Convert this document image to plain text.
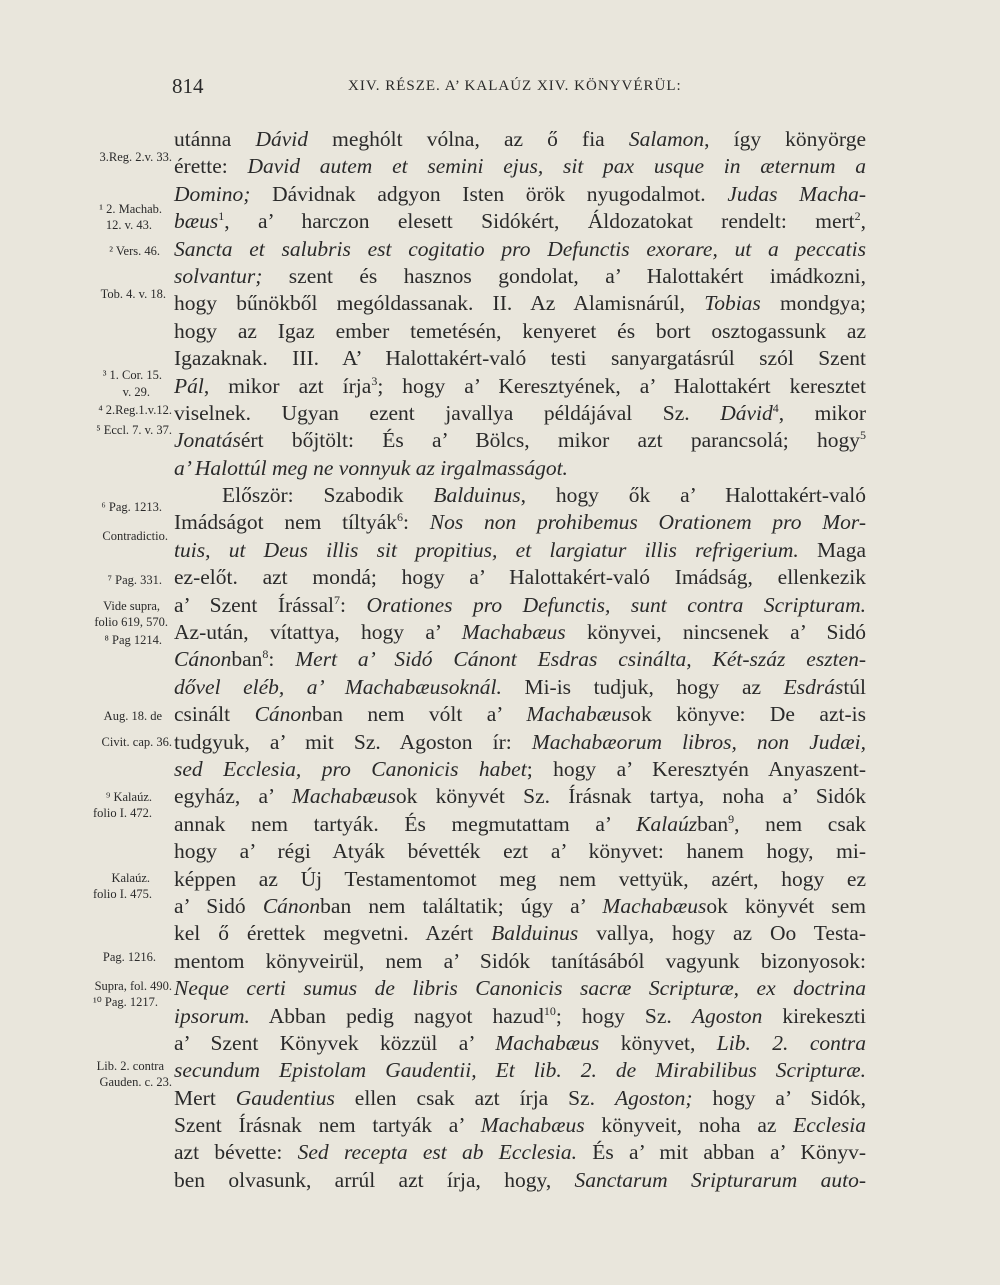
814	XIV. RÉSZE. A’ KALAÚZ XIV. KÖNYVÉRÜL:
3.Reg. 2.v. 33.
¹ 2. Machab.
12. v. 43.
² Vers. 46.
Tob. 4. v. 18.
³ 1. Cor. 15.
v. 29.
⁴ 2.Reg.1.v.12.
⁵ Eccl. 7. v. 37.
⁶ Pag. 1213.
Contradictio.
⁷ Pag. 331.
Vide supra,
folio 619, 570.
⁸ Pag 1214.
Aug. 18. de
Civit. cap. 36.
⁹ Kalaúz.
folio I. 472.
Kalaúz.
folio I. 475.
Pag. 1216.
Supra, fol. 490.
¹⁰ Pag. 1217.
Lib. 2. contra
Gauden. c. 23.
utánna Dávid meghólt vólna, az ő fia Salamon, így könyörge
érette: David autem et semini ejus, sit pax usque in æternum a
Domino; Dávidnak adgyon Isten örök nyugodalmot. Judas Macha-
bæus$^1$, a’ harczon elesett Sidókért, Áldozatokat rendelt: mert$^2$,
Sancta et salubris est cogitatio pro Defunctis exorare, ut a peccatis
solvantur; szent és hasznos gondolat, a’ Halottakért imádkozni,
hogy bűnökből mególdassanak. II. Az Alamisnárúl, Tobias mondgya;
hogy az Igaz ember temetésén, kenyeret és bort osztogassunk az
Igazaknak. III. A’ Halottakért-való testi sanyargatásrúl szól Szent
Pál, mikor azt írja$^3$; hogy a’ Keresztyének, a’ Halottakért keresztet
viselnek. Ugyan ezent javallya példájával Sz. Dávid$^4$, mikor
Jonatásért bőjtölt: És a’ Bölcs, mikor azt parancsolá; hogy$^5$
a’ Halottúl meg ne vonnyuk az irgalmasságot.
Először: Szabodik Balduinus, hogy ők a’ Halottakért-való
Imádságot nem tíltyák$^6$: Nos non prohibemus Orationem pro Mor-
tuis, ut Deus illis sit propitius, et largiatur illis refrigerium. Maga
ez-előt. azt mondá; hogy a’ Halottakért-való Imádság, ellenkezik
a’ Szent Írással$^7$: Orationes pro Defunctis, sunt contra Scripturam.
Az-után, vítattya, hogy a’ Machabæus könyvei, nincsenek a’ Sidó
Cánonban$^8$: Mert a’ Sidó Cánont Esdras csinálta, Két-száz eszten-
dővel eléb, a’ Machabæusoknál. Mi-is tudjuk, hogy az Esdrástúl
csinált Cánonban nem vólt a’ Machabæusok könyve: De azt-is
tudgyuk, a’ mit Sz. Agoston ír: Machabæorum libros, non Judæi,
sed Ecclesia, pro Canonicis habet; hogy a’ Keresztyén Anyaszent-
egyház, a’ Machabæusok könyvét Sz. Írásnak tartya, noha a’ Sidók
annak nem tartyák. És megmutattam a’ Kalaúzban$^9$, nem csak
hogy a’ régi Atyák bévették ezt a’ könyvet: hanem hogy, mi-
képpen az Új Testamentomot meg nem vettyük, azért, hogy ez
a’ Sidó Cánonban nem találtatik; úgy a’ Machabæusok könyvét sem
kel ő érettek megvetni. Azért Balduinus vallya, hogy az Oo Testa-
mentom könyveirül, nem a’ Sidók tanításából vagyunk bizonyosok:
Neque certi sumus de libris Canonicis sacræ Scripturæ, ex doctrina
ipsorum. Abban pedig nagyot hazud$^{10}$; hogy Sz. Agoston kirekeszti
a’ Szent Könyvek közzül a’ Machabæus könyvet, Lib. 2. contra
secundum Epistolam Gaudentii, Et lib. 2. de Mirabilibus Scripturæ.
Mert Gaudentius ellen csak azt írja Sz. Agoston; hogy a’ Sidók,
Szent Írásnak nem tartyák a’ Machabæus könyveit, noha az Ecclesia
azt bévette: Sed recepta est ab Ecclesia. És a’ mit abban a’ Könyv-
ben olvasunk, arrúl azt írja, hogy, Sanctarum Sripturarum auto-
